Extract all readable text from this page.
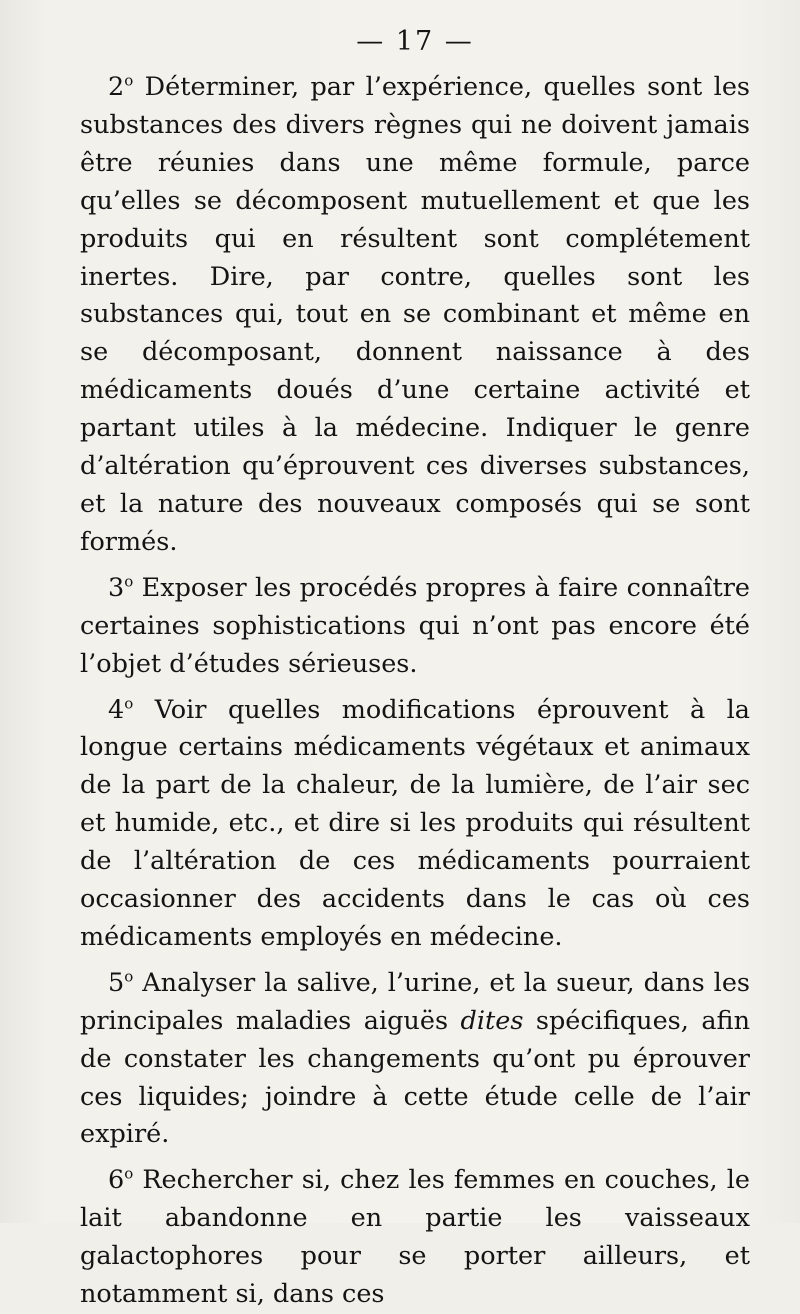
— 17 —

2$^o$ Déterminer, par l’expérience, quelles sont les substances des divers règnes qui ne doivent jamais être réunies dans une même formule, parce qu’elles se décomposent mutuellement et que les produits qui en résultent sont complétement inertes. Dire, par contre, quelles sont les substances qui, tout en se combinant et même en se décomposant, donnent naissance à des médicaments doués d’une certaine activité et partant utiles à la médecine. Indiquer le genre d’altération qu’éprouvent ces diverses substances, et la nature des nouveaux composés qui se sont formés.

3$^o$ Exposer les procédés propres à faire connaître certaines sophistications qui n’ont pas encore été l’objet d’études sérieuses.

4$^o$ Voir quelles modifications éprouvent à la longue certains médicaments végétaux et animaux de la part de la chaleur, de la lumière, de l’air sec et humide, etc., et dire si les produits qui résultent de l’altération de ces médicaments pourraient occasionner des accidents dans le cas où ces médicaments employés en médecine.

5$^o$ Analyser la salive, l’urine, et la sueur, dans les principales maladies aiguës dites spécifiques, afin de constater les changements qu’ont pu éprouver ces liquides; joindre à cette étude celle de l’air expiré.

6$^o$ Rechercher si, chez les femmes en couches, le lait abandonne en partie les vaisseaux galactophores pour se porter ailleurs, et notamment si, dans ces
